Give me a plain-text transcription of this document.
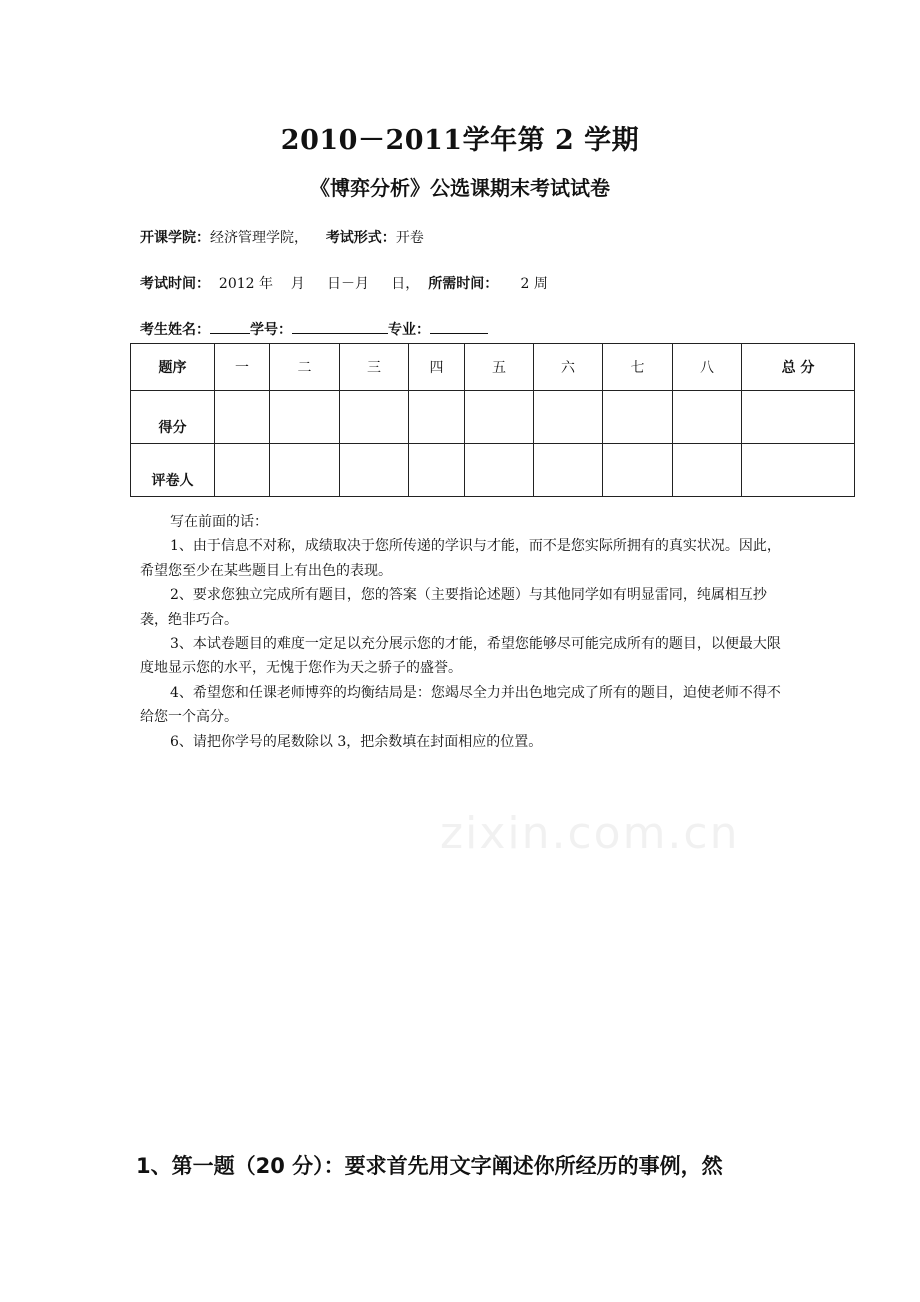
2010－2011学年第 2 学期
《博弈分析》公选课期末考试试卷
开课学院：经济管理学院， 考试形式：开卷
考试时间： 2012 年    月     日－月     日， 所需时间： 2 周
考生姓名：	学号：	专业：
题序	一	二	三	四	五	六	七	八	总 分
得分									
评卷人									

写在前面的话：

1、由于信息不对称，成绩取决于您所传递的学识与才能，而不是您实际所拥有的真实状况。因此，希望您至少在某些题目上有出色的表现。

2、要求您独立完成所有题目，您的答案（主要指论述题）与其他同学如有明显雷同，纯属相互抄袭，绝非巧合。

3、本试卷题目的难度一定足以充分展示您的才能，希望您能够尽可能完成所有的题目，以便最大限度地显示您的水平，无愧于您作为天之骄子的盛誉。

4、希望您和任课老师博弈的均衡结局是：您竭尽全力并出色地完成了所有的题目，迫使老师不得不给您一个高分。

6、请把你学号的尾数除以 3，把余数填在封面相应的位置。

zixin.com.cn
1、第一题（20 分）：要求首先用文字阐述你所经历的事例，然
